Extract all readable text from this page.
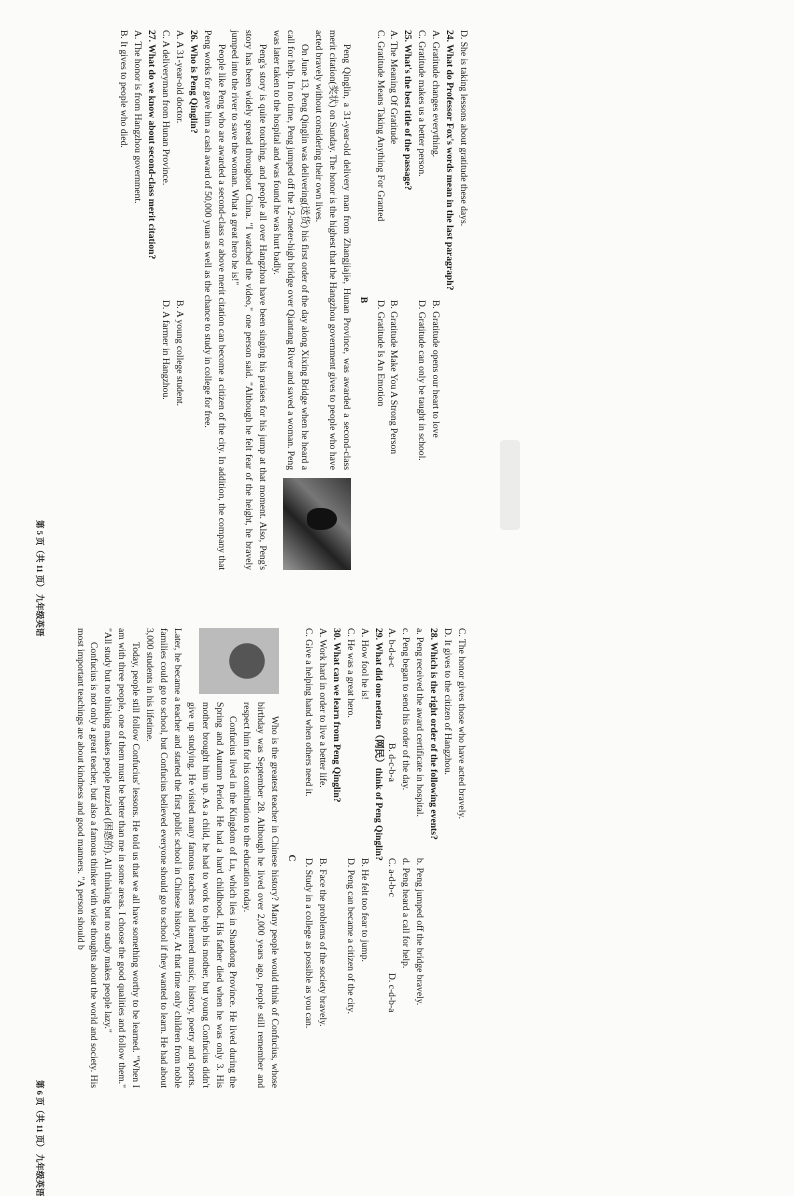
D. She is taking lessons about gratitude these days.
24. What do Professor Fox's words mean in the last paragraph?
A. Gratitude changes everything.
B. Gratitude opens our heart to love
C. Gratitude makes us a better person.
D. Gratitude can only be taught in school.
25. What's the best title of the passage?
A. The Meaning Of Gratitude
B. Gratitude Make You A Strong Person
C. Gratitude Means Taking Anything For Granted
D. Gratitude Is An Emotion
B

Peng Qinglin, a 31-year-old delivery man from Zhangjiajie, Hunan Province, was awarded a second-class merit citation(奖状) on Sunday. The honor is the highest that the Hangzhou government gives to people who have acted bravely without considering their own lives.

On June 13, Peng Qinglin was delivering(送货) his first order of the day along Xixing Bridge when he heard a call for help. In no time, Peng jumped off the 12-meter-high bridge over Qiantang River and saved a woman. Peng was later taken to the hospital and was found he was hurt badly.

Peng's story is quite touching, and people all over Hangzhou have been singing his praises for his jump at that moment. Also, Peng's story has been widely spread throughout China. "I watched the video," one person said. "Although he felt fear of the height, he bravely jumped into the river to save the woman. What a great hero he is!"

People like Peng who are awarded a second-class or above merit citation can become a citizen of the city. In addition, the company that Peng works for gave him a cash award of 50,000 yuan as well as the chance to study in college for free.

26. Who is Peng Qinglin?
A. A 31-year-old doctor.
B. A young college student.
C. A deliveryman from Hunan Province.
D. A farmer in Hangzhou.
27. What do we know about second-class merit citation?
A. The honor is from Hangzhou government.
B. It gives to people who died.
第 5 页（共 11 页） 九年级英语
C. The honor gives those who have acted bravely.
D. It gives to the citizen of Hangzhou.
28. Which is the right order of the following events?
a. Peng received the award certificate in hospital.
b. Peng jumped off the bridge bravely.
c. Peng began to send his order of the day.
d. Peng heard a call for help.
A. b-d-a-c
B. d-c-b-a
C. a-d-b-c
D. c-d-b-a
29. What did one netizen（网民）think of Peng Qinglin?
A. How fool he is!
B. He felt too fear to jump.
C. He was a great hero.
D. Peng can became a citizen of the city.
30. What can we learn from Peng Qinglin?
A. Work hard in order to live a better life.
B. Face the problems of the society bravely.
C. Give a helping hand when others need it.
D. Study in a college as possible as you can.
C

Who is the greatest teacher in Chinese history? Many people would think of Confucius, whose birthday was September 28. Although he lived over 2,000 years ago, people still remember and respect him for his contribution to the education today.

Confucius lived in the Kingdom of Lu, which lies in Shandong Province. He lived during the Spring and Autumn Period. He had a hard childhood. His father died when he was only 3. His mother brought him up. As a child, he had to work to help his mother, but young Confucius didn't give up studying. He visited many famous teachers and learned music, history, poetry and sports. Later, he became a teacher and started the first public school in Chinese history. At that time only children from noble families could go to school, but Confucius believed everyone should go to school if they wanted to learn. He had about 3,000 students in his lifetime.

Today, people still follow Confucius' lessons. He told us that we all have something worthy to be learned. "When I am with three people, one of them must be better than me in some areas. I choose the good qualities and follow them." "All study but no thinking makes people puzzled (困惑的). All thinking but no study makes people lazy."

Confucius is not only a great teacher, but also a famous thinker with wise thoughts about the world and society. His most important teachings are about kindness and good manners. "A person should b

第 6 页（共 11 页） 九年级英语
